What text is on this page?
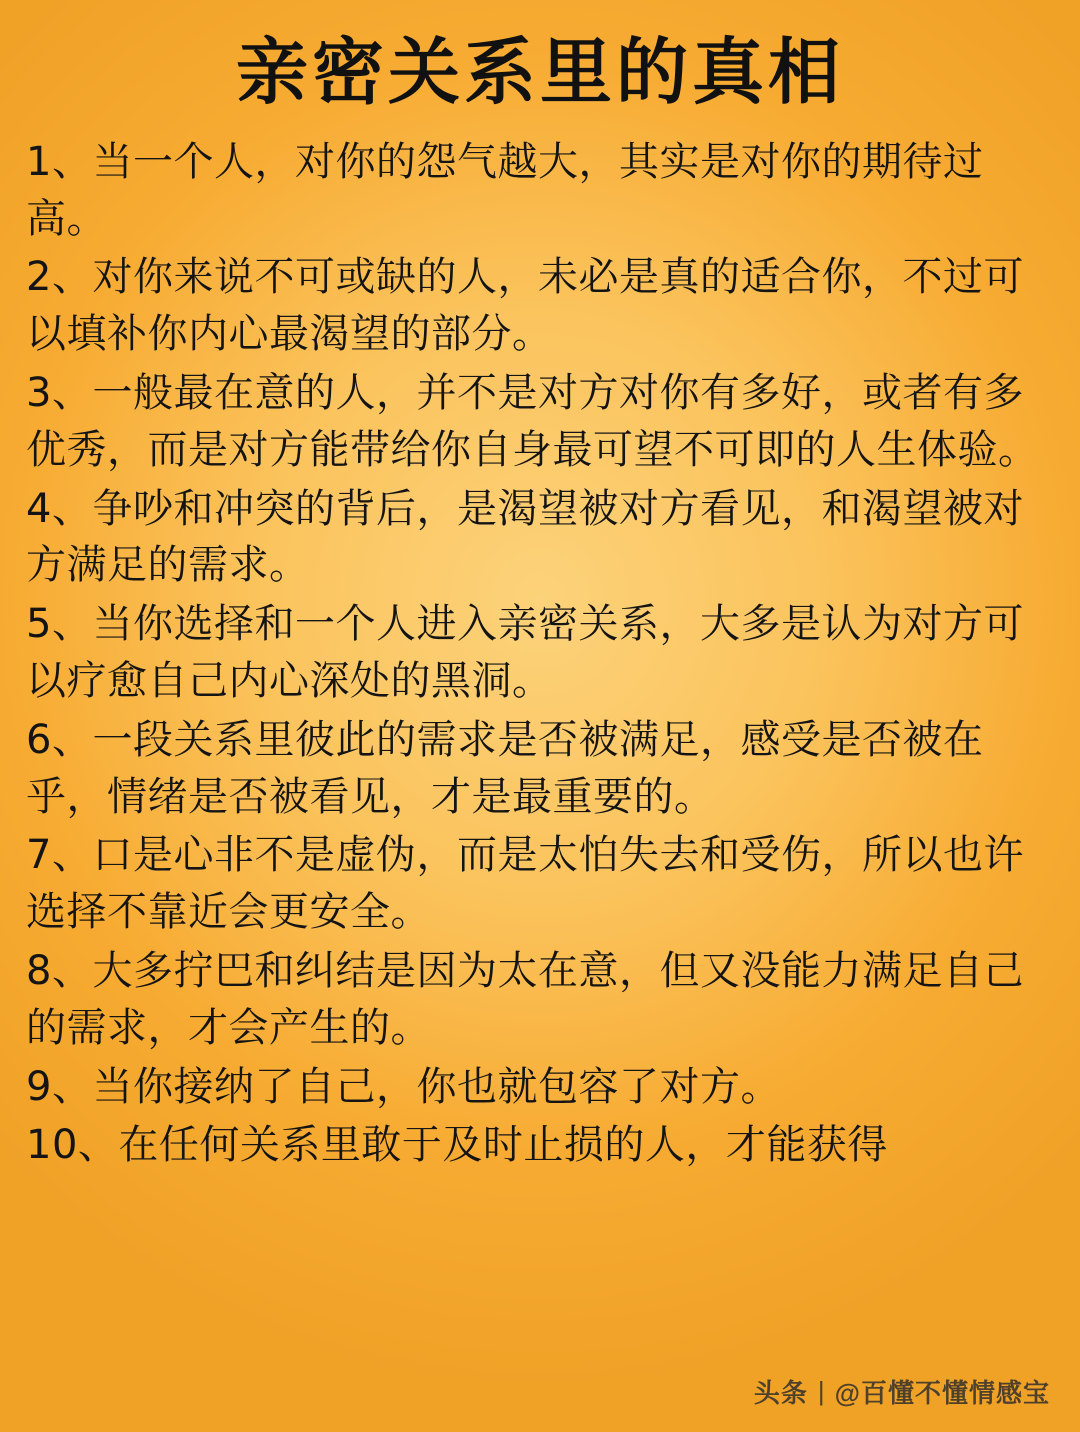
亲密关系里的真相

1、当一个人，对你的怨气越大，其实是对你的期待过高。

2、对你来说不可或缺的人，未必是真的适合你，不过可以填补你内心最渴望的部分。

3、一般最在意的人，并不是对方对你有多好，或者有多优秀，而是对方能带给你自身最可望不可即的人生体验。

4、争吵和冲突的背后，是渴望被对方看见，和渴望被对方满足的需求。

5、当你选择和一个人进入亲密关系，大多是认为对方可以疗愈自己内心深处的黑洞。

6、一段关系里彼此的需求是否被满足，感受是否被在乎，情绪是否被看见，才是最重要的。

7、口是心非不是虚伪，而是太怕失去和受伤，所以也许选择不靠近会更安全。

8、大多拧巴和纠结是因为太在意，但又没能力满足自己的需求，才会产生的。

9、当你接纳了自己，你也就包容了对方。

10、在任何关系里敢于及时止损的人，才能获得

头条 | @百懂不懂情感宝
